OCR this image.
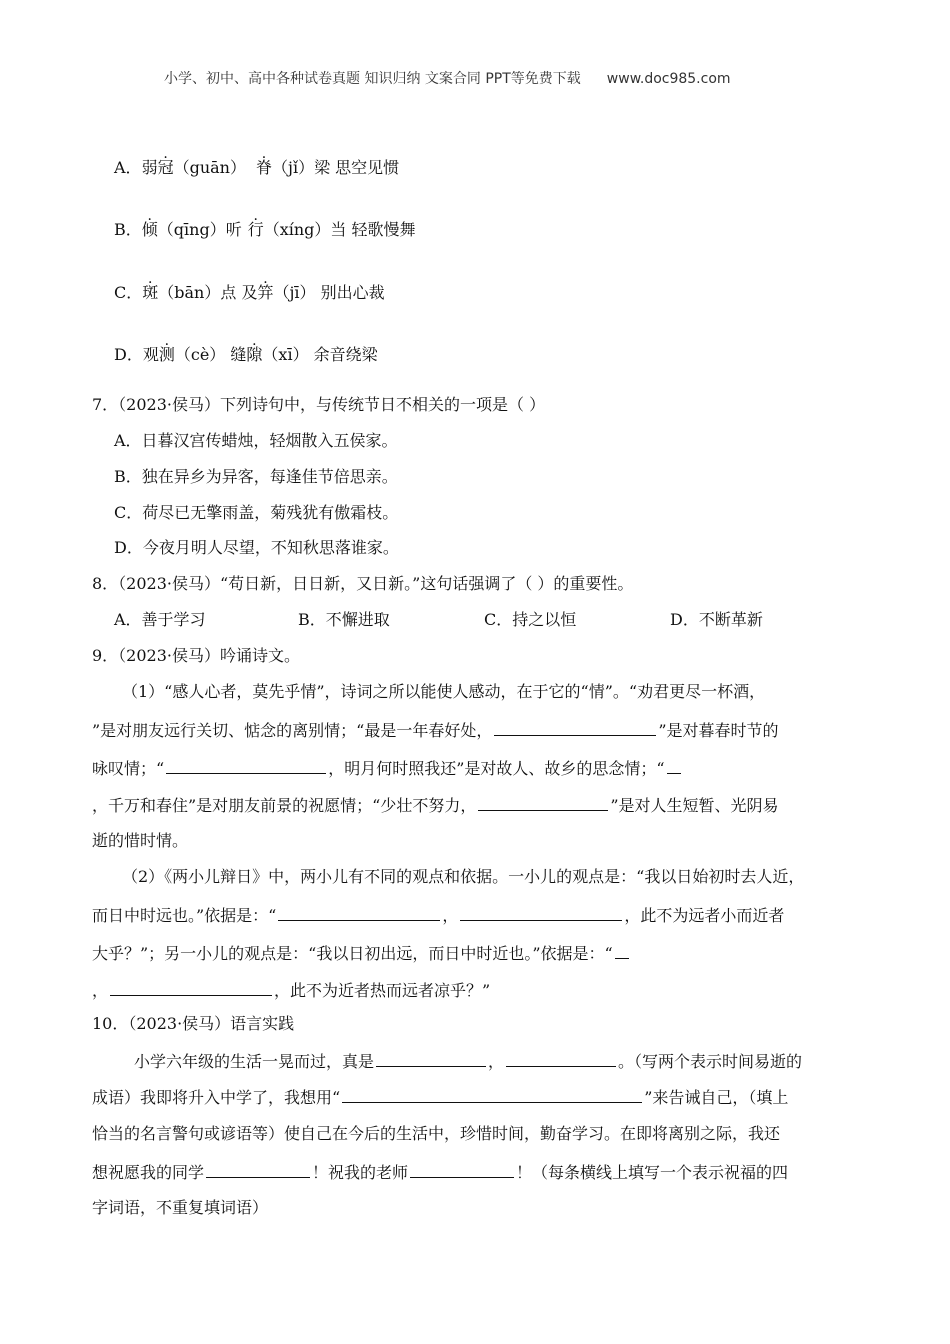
小学、初中、高中各种试卷真题 知识归纳 文案合同 PPT等免费下载 www.doc985.com
A．弱冠（guān） 脊（jǐ）梁 思空见惯
B．倾（qīng）听 行（xíng）当 轻歌慢舞
C．斑（bān）点 及笄（jī） 别出心裁
D．观测（cè） 缝隙（xī） 余音绕梁
7．（2023·侯马）下列诗句中，与传统节日不相关的一项是（ ）
A．日暮汉宫传蜡烛，轻烟散入五侯家。
B．独在异乡为异客，每逢佳节倍思亲。
C．荷尽已无擎雨盖，菊残犹有傲霜枝。
D．今夜月明人尽望，不知秋思落谁家。
8．（2023·侯马）“苟日新，日日新，又日新。”这句话强调了（ ）的重要性。
A．善于学习	B．不懈进取	C．持之以恒	D．不断革新
9．（2023·侯马）吟诵诗文。
（1）“感人心者，莫先乎情”，诗词之所以能使人感动，在于它的“情”。“劝君更尽一杯酒，
”是对朋友远行关切、惦念的离别情；“最是一年春好处，	”是对暮春时节的
咏叹情；“	，明月何时照我还”是对故人、故乡的思念情；“
，千万和春住”是对朋友前景的祝愿情；“少壮不努力，	”是对人生短暂、光阴易
逝的惜时情。
（2）《两小儿辩日》中，两小儿有不同的观点和依据。一小儿的观点是：“我以日始初时去人近，
而日中时远也。”依据是：“	，	，此不为远者小而近者
大乎？”；另一小儿的观点是：“我以日初出远，而日中时近也。”依据是：“
，	，此不为近者热而远者凉乎？”
10．（2023·侯马）语言实践
小学六年级的生活一晃而过，真是	，	。（写两个表示时间易逝的
成语）我即将升入中学了，我想用“	”来告诫自己，（填上
恰当的名言警句或谚语等）使自己在今后的生活中，珍惜时间，勤奋学习。在即将离别之际，我还
想祝愿我的同学	！祝我的老师	！（每条横线上填写一个表示祝福的四
字词语，不重复填词语）
